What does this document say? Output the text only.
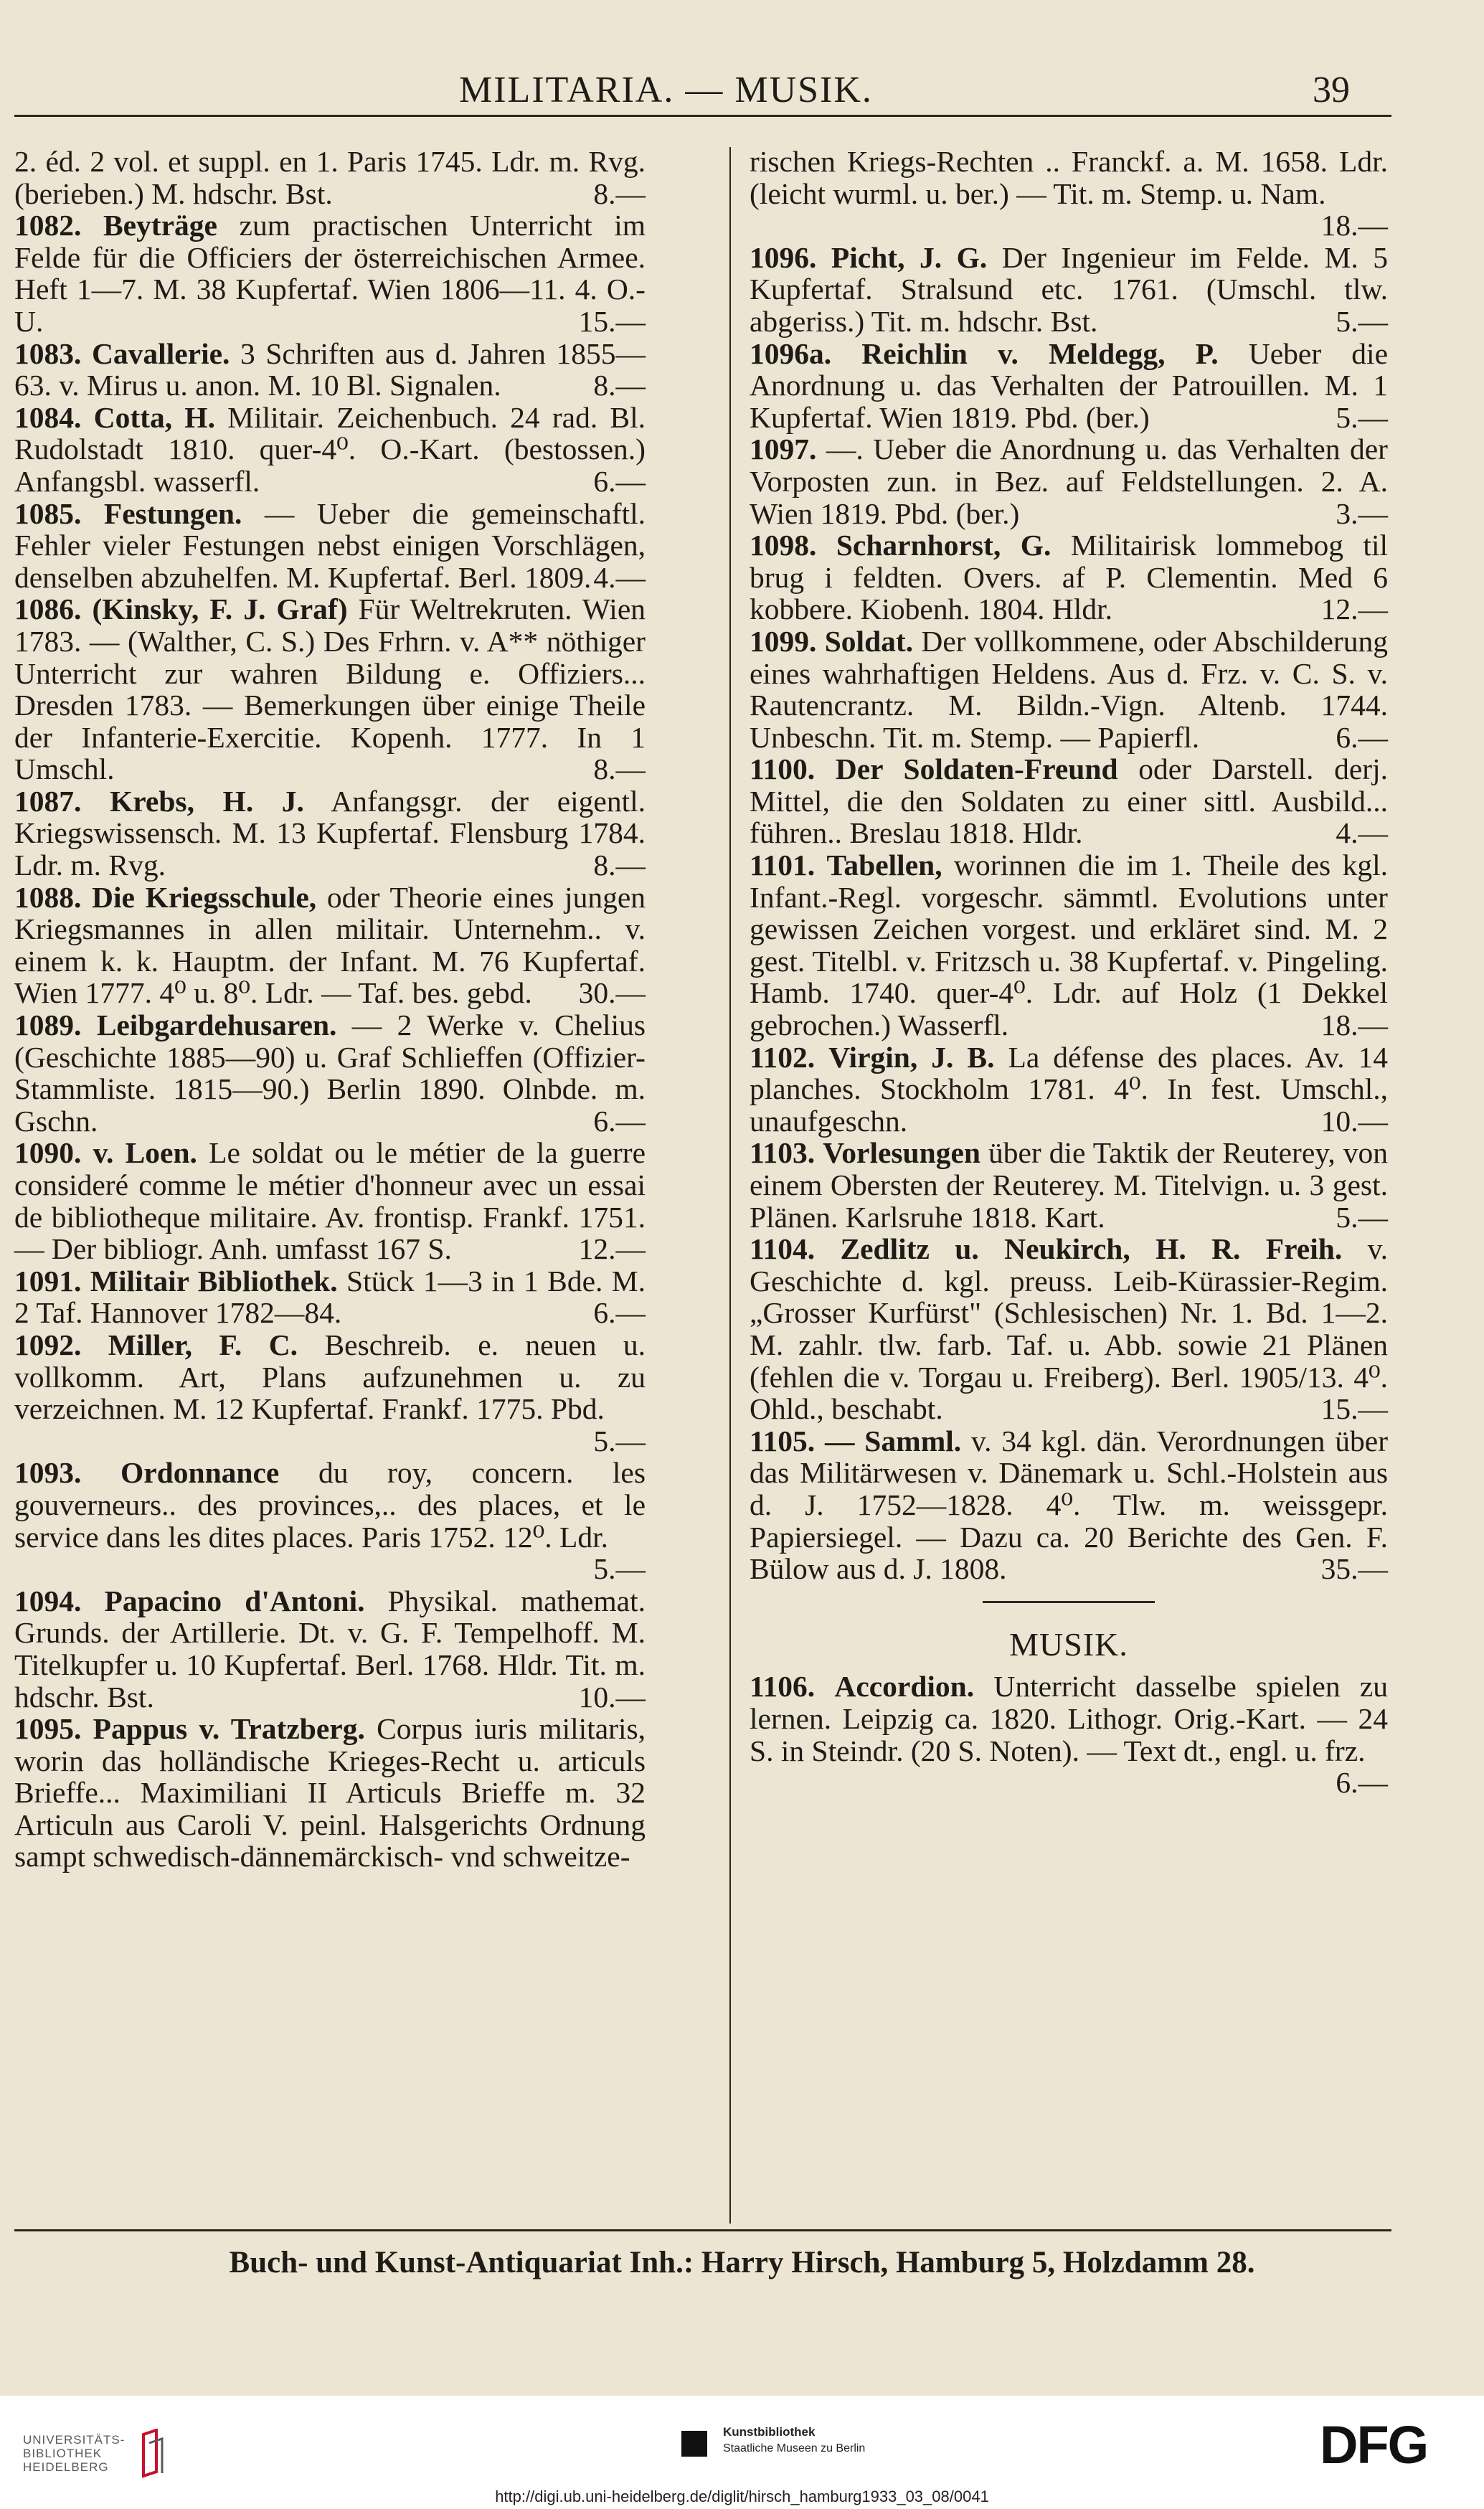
MILITARIA. — MUSIK.	39

2. éd. 2 vol. et suppl. en 1. Paris 1745. Ldr. m. Rvg. (berieben.) M. hdschr. Bst.	8.—

1082. Beyträge zum practischen Unterricht im Felde für die Officiers der österreichischen Armee. Heft 1—7. M. 38 Kupfertaf. Wien 1806—11. 4. O.-U.	15.—

1083. Cavallerie. 3 Schriften aus d. Jahren 1855—63. v. Mirus u. anon. M. 10 Bl. Signalen.	8.—

1084. Cotta, H. Militair. Zeichenbuch. 24 rad. Bl. Rudolstadt 1810. quer-4⁰. O.-Kart. (bestossen.) Anfangsbl. wasserfl.	6.—

1085. Festungen. — Ueber die gemeinschaftl. Fehler vieler Festungen nebst einigen Vorschlägen, denselben abzuhelfen. M. Kupfertaf. Berl. 1809. 4.—

1086. (Kinsky, F. J. Graf) Für Weltrekruten. Wien 1783. — (Walther, C. S.) Des Frhrn. v. A** nöthiger Unterricht zur wahren Bildung e. Offiziers... Dresden 1783. — Bemerkungen über einige Theile der Infanterie-Exercitie. Kopenh. 1777. In 1 Umschl.	8.—

1087. Krebs, H. J. Anfangsgr. der eigentl. Kriegswissensch. M. 13 Kupfertaf. Flensburg 1784. Ldr. m. Rvg.	8.—

1088. Die Kriegsschule, oder Theorie eines jungen Kriegsmannes in allen militair. Unternehm.. v. einem k. k. Hauptm. der Infant. M. 76 Kupfertaf. Wien 1777. 4⁰ u. 8⁰. Ldr. — Taf. bes. gebd. 30.—

1089. Leibgardehusaren. — 2 Werke v. Chelius (Geschichte 1885—90) u. Graf Schlieffen (Offizier-Stammliste. 1815—90.) Berlin 1890. Olnbde. m. Gschn.	6.—

1090. v. Loen. Le soldat ou le métier de la guerre consideré comme le métier d'honneur avec un essai de bibliotheque militaire. Av. frontisp. Frankf. 1751. — Der bibliogr. Anh. umfasst 167 S.	12.—

1091. Militair Bibliothek. Stück 1—3 in 1 Bde. M. 2 Taf. Hannover 1782—84.	6.—

1092. Miller, F. C. Beschreib. e. neuen u. vollkomm. Art, Plans aufzunehmen u. zu verzeichnen. M. 12 Kupfertaf. Frankf. 1775. Pbd.
5.—

1093. Ordonnance du roy, concern. les gouverneurs.. des provinces,.. des places, et le service dans les dites places. Paris 1752. 12⁰. Ldr.
5.—

1094. Papacino d'Antoni. Physikal. mathemat. Grunds. der Artillerie. Dt. v. G. F. Tempelhoff. M. Titelkupfer u. 10 Kupfertaf. Berl. 1768. Hldr. Tit. m. hdschr. Bst.	10.—

1095. Pappus v. Tratzberg. Corpus iuris militaris, worin das holländische Krieges-Recht u. articuls Brieffe... Maximiliani II Articuls Brieffe m. 32 Articuln aus Caroli V. peinl. Halsgerichts Ordnung sampt schwedisch-dännemärckisch- vnd schweitze-

rischen Kriegs-Rechten .. Franckf. a. M. 1658. Ldr. (leicht wurml. u. ber.) — Tit. m. Stemp. u. Nam.
18.—

1096. Picht, J. G. Der Ingenieur im Felde. M. 5 Kupfertaf. Stralsund etc. 1761. (Umschl. tlw. abgeriss.) Tit. m. hdschr. Bst.	5.—

1096a. Reichlin v. Meldegg, P. Ueber die Anordnung u. das Verhalten der Patrouillen. M. 1 Kupfertaf. Wien 1819. Pbd. (ber.)	5.—

1097. —. Ueber die Anordnung u. das Verhalten der Vorposten zun. in Bez. auf Feldstellungen. 2. A. Wien 1819. Pbd. (ber.)	3.—

1098. Scharnhorst, G. Militairisk lommebog til brug i feldten. Overs. af P. Clementin. Med 6 kobbere. Kiobenh. 1804. Hldr.	12.—

1099. Soldat. Der vollkommene, oder Abschilderung eines wahrhaftigen Heldens. Aus d. Frz. v. C. S. v. Rautencrantz. M. Bildn.-Vign. Altenb. 1744. Unbeschn. Tit. m. Stemp. — Papierfl.	6.—

1100. Der Soldaten-Freund oder Darstell. derj. Mittel, die den Soldaten zu einer sittl. Ausbild... führen.. Breslau 1818. Hldr.	4.—

1101. Tabellen, worinnen die im 1. Theile des kgl. Infant.-Regl. vorgeschr. sämmtl. Evolutions unter gewissen Zeichen vorgest. und erkläret sind. M. 2 gest. Titelbl. v. Fritzsch u. 38 Kupfertaf. v. Pingeling. Hamb. 1740. quer-4⁰. Ldr. auf Holz (1 Dekkel gebrochen.) Wasserfl.	18.—

1102. Virgin, J. B. La défense des places. Av. 14 planches. Stockholm 1781. 4⁰. In fest. Umschl., unaufgeschn.	10.—

1103. Vorlesungen über die Taktik der Reuterey, von einem Obersten der Reuterey. M. Titelvign. u. 3 gest. Plänen. Karlsruhe 1818. Kart.	5.—

1104. Zedlitz u. Neukirch, H. R. Freih. v. Geschichte d. kgl. preuss. Leib-Kürassier-Regim. „Grosser Kurfürst" (Schlesischen) Nr. 1. Bd. 1—2. M. zahlr. tlw. farb. Taf. u. Abb. sowie 21 Plänen (fehlen die v. Torgau u. Freiberg). Berl. 1905/13. 4⁰. Ohld., beschabt.	15.—

1105. — Samml. v. 34 kgl. dän. Verordnungen über das Militärwesen v. Dänemark u. Schl.-Holstein aus d. J. 1752—1828. 4⁰. Tlw. m. weissgepr. Papiersiegel. — Dazu ca. 20 Berichte des Gen. F. Bülow aus d. J. 1808.	35.—

MUSIK.

1106. Accordion. Unterricht dasselbe spielen zu lernen. Leipzig ca. 1820. Lithogr. Orig.-Kart. — 24 S. in Steindr. (20 S. Noten). — Text dt., engl. u. frz.
6.—

Buch- und Kunst-Antiquariat Inh.: Harry Hirsch, Hamburg 5, Holzdamm 28.
UNIVERSITÄTS-
BIBLIOTHEK
HEIDELBERG
Kunstbibliothek
Staatliche Museen zu Berlin	DFG
http://digi.ub.uni-heidelberg.de/diglit/hirsch_hamburg1933_03_08/0041
